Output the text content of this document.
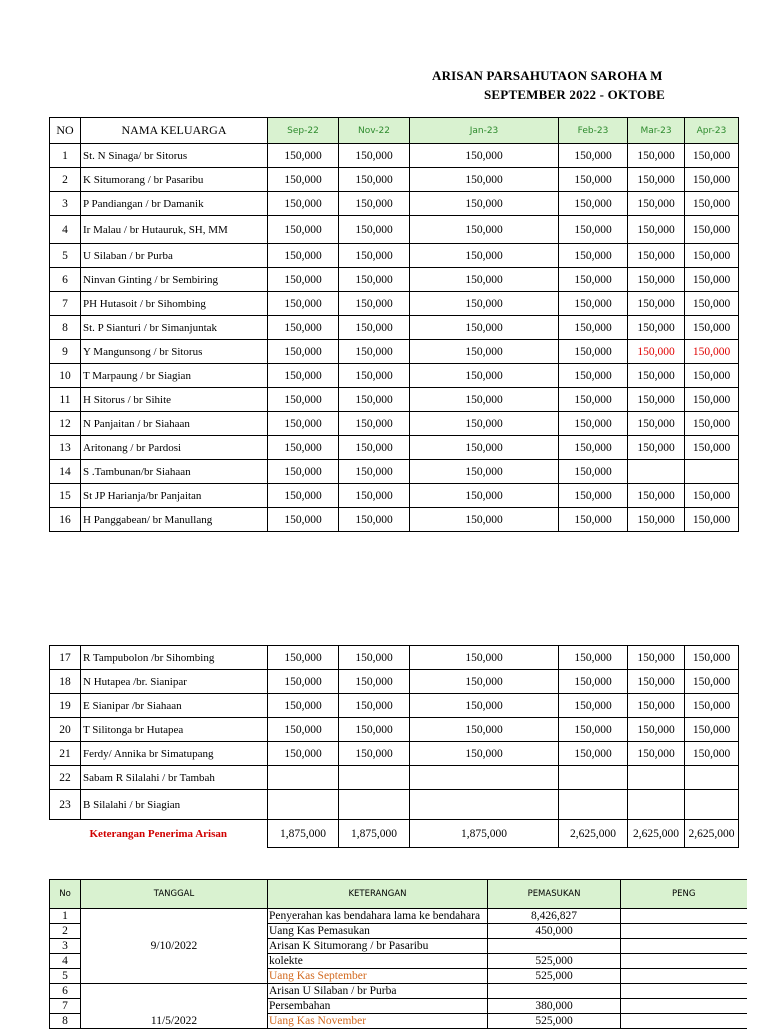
ARISAN PARSAHUTAON SAROHA M
SEPTEMBER 2022 - OKTOBE
NO	NAMA KELUARGA	Sep-22	Nov-22	Jan-23	Feb-23	Mar-23	Apr-23
1	St. N Sinaga/ br Sitorus	150,000	150,000	150,000	150,000	150,000	150,000
2	K Situmorang / br Pasaribu	150,000	150,000	150,000	150,000	150,000	150,000
3	P Pandiangan / br Damanik	150,000	150,000	150,000	150,000	150,000	150,000
4	Ir Malau / br Hutauruk, SH, MM	150,000	150,000	150,000	150,000	150,000	150,000
5	U Silaban / br Purba	150,000	150,000	150,000	150,000	150,000	150,000
6	Ninvan Ginting / br Sembiring	150,000	150,000	150,000	150,000	150,000	150,000
7	PH Hutasoit / br Sihombing	150,000	150,000	150,000	150,000	150,000	150,000
8	St. P Sianturi / br Simanjuntak	150,000	150,000	150,000	150,000	150,000	150,000
9	Y Mangunsong / br Sitorus	150,000	150,000	150,000	150,000	150,000	150,000
10	T Marpaung / br Siagian	150,000	150,000	150,000	150,000	150,000	150,000
11	H Sitorus / br Sihite	150,000	150,000	150,000	150,000	150,000	150,000
12	N Panjaitan / br Siahaan	150,000	150,000	150,000	150,000	150,000	150,000
13	Aritonang / br Pardosi	150,000	150,000	150,000	150,000	150,000	150,000
14	S .Tambunan/br Siahaan	150,000	150,000	150,000	150,000		
15	St JP Harianja/br Panjaitan	150,000	150,000	150,000	150,000	150,000	150,000
16	H Panggabean/ br Manullang	150,000	150,000	150,000	150,000	150,000	150,000
17	R Tampubolon /br Sihombing	150,000	150,000	150,000	150,000	150,000	150,000
18	N Hutapea /br. Sianipar	150,000	150,000	150,000	150,000	150,000	150,000
19	E Sianipar /br Siahaan	150,000	150,000	150,000	150,000	150,000	150,000
20	T Silitonga br Hutapea	150,000	150,000	150,000	150,000	150,000	150,000
21	Ferdy/ Annika br Simatupang	150,000	150,000	150,000	150,000	150,000	150,000
22	Sabam R Silalahi / br Tambah						
23	B Silalahi / br Siagian						
Keterangan Penerima Arisan		1,875,000	1,875,000	1,875,000	2,625,000	2,625,000	2,625,000
No	TANGGAL	KETERANGAN	PEMASUKAN	PENG
1	9/10/2022	Penyerahan kas bendahara lama ke bendahara	8,426,827	
2		Uang Kas Pemasukan	450,000	
3		Arisan K Situmorang / br Pasaribu		
4		kolekte	525,000	
5		Uang Kas September	525,000	
6	11/5/2022	Arisan U Silaban / br Purba		
7		Persembahan	380,000	
8		Uang Kas November	525,000	
